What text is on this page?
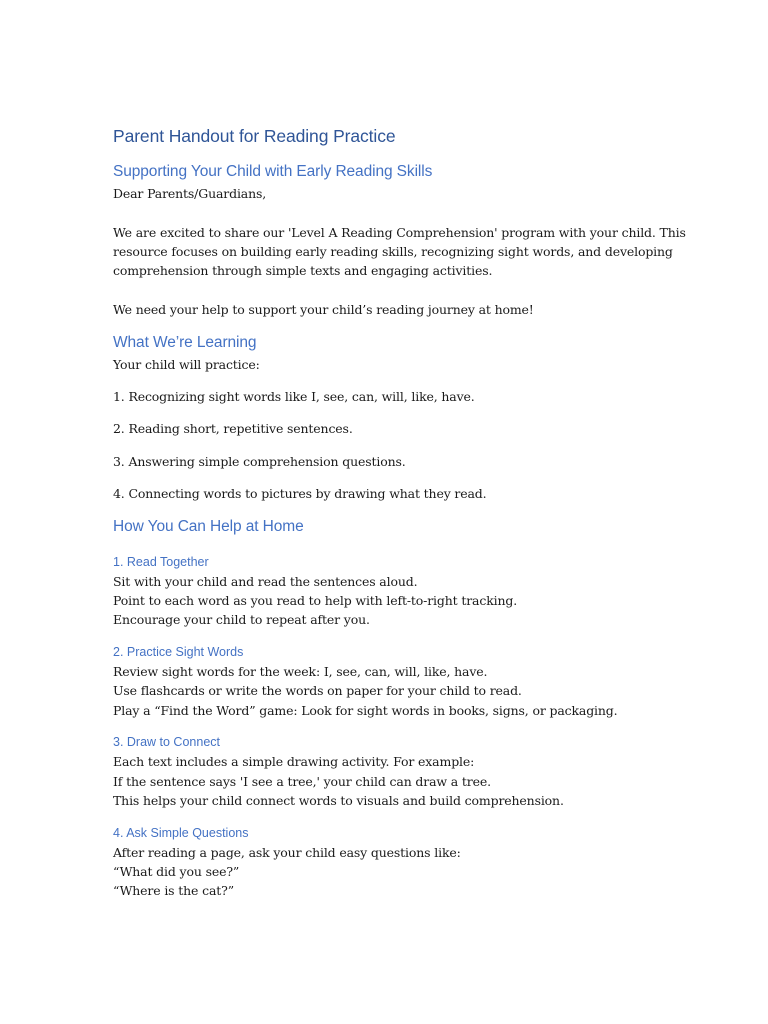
Parent Handout for Reading Practice
Supporting Your Child with Early Reading Skills
Dear Parents/Guardians,
We are excited to share our 'Level A Reading Comprehension' program with your child. This
resource focuses on building early reading skills, recognizing sight words, and developing
comprehension through simple texts and engaging activities.
We need your help to support your child’s reading journey at home!
What We’re Learning
Your child will practice:
1. Recognizing sight words like I, see, can, will, like, have.
2. Reading short, repetitive sentences.
3. Answering simple comprehension questions.
4. Connecting words to pictures by drawing what they read.
How You Can Help at Home
1. Read Together
Sit with your child and read the sentences aloud.
Point to each word as you read to help with left-to-right tracking.
Encourage your child to repeat after you.
2. Practice Sight Words
Review sight words for the week: I, see, can, will, like, have.
Use flashcards or write the words on paper for your child to read.
Play a “Find the Word” game: Look for sight words in books, signs, or packaging.
3. Draw to Connect
Each text includes a simple drawing activity. For example:
If the sentence says 'I see a tree,' your child can draw a tree.
This helps your child connect words to visuals and build comprehension.
4. Ask Simple Questions
After reading a page, ask your child easy questions like:
“What did you see?”
“Where is the cat?”
